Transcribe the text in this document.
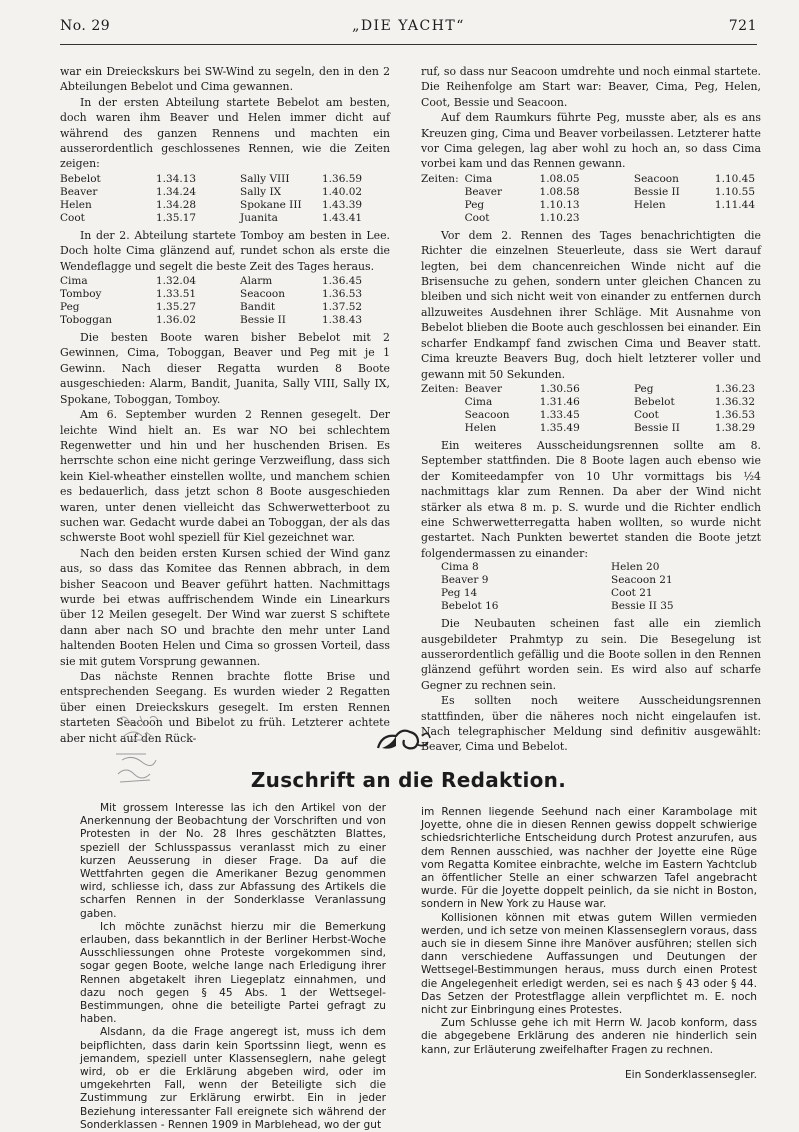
No. 29	„DIE YACHT“	721

war ein Dreieckskurs bei SW-Wind zu segeln, den in den 2 Abteilungen Bebelot und Cima gewannen.

In der ersten Abteilung startete Bebelot am besten, doch waren ihm Beaver und Helen immer dicht auf während des ganzen Rennens und machten ein ausserordentlich geschlossenes Rennen, wie die Zeiten zeigen:

Bebelot	1.34.13	Sally VIII	1.36.59
Beaver	1.34.24	Sally IX	1.40.02
Helen	1.34.28	Spokane III	1.43.39
Coot	1.35.17	Juanita	1.43.41

In der 2. Abteilung startete Tomboy am besten in Lee. Doch holte Cima glänzend auf, rundet schon als erste die Wendeflagge und segelt die beste Zeit des Tages heraus.

Cima	1.32.04	Alarm	1.36.45
Tomboy	1.33.51	Seacoon	1.36.53
Peg	1.35.27	Bandit	1.37.52
Toboggan	1.36.02	Bessie II	1.38.43

Die besten Boote waren bisher Bebelot mit 2 Gewinnen, Cima, Toboggan, Beaver und Peg mit je 1 Gewinn. Nach dieser Regatta wurden 8 Boote ausgeschieden: Alarm, Bandit, Juanita, Sally VIII, Sally IX, Spokane, Toboggan, Tomboy.

Am 6. September wurden 2 Rennen gesegelt. Der leichte Wind hielt an. Es war NO bei schlechtem Regenwetter und hin und her huschenden Brisen. Es herrschte schon eine nicht geringe Verzweiflung, dass sich kein Kiel-wheather einstellen wollte, und manchem schien es bedauerlich, dass jetzt schon 8 Boote ausgeschieden waren, unter denen vielleicht das Schwerwetterboot zu suchen war. Gedacht wurde dabei an Toboggan, der als das schwerste Boot wohl speziell für Kiel gezeichnet war.

Nach den beiden ersten Kursen schied der Wind ganz aus, so dass das Komitee das Rennen abbrach, in dem bisher Seacoon und Beaver geführt hatten. Nachmittags wurde bei etwas auffrischendem Winde ein Linearkurs über 12 Meilen gesegelt. Der Wind war zuerst S schiftete dann aber nach SO und brachte den mehr unter Land haltenden Booten Helen und Cima so grossen Vorteil, dass sie mit gutem Vorsprung gewannen.

Das nächste Rennen brachte flotte Brise und entsprechenden Seegang. Es wurden wieder 2 Regatten über einen Dreieckskurs gesegelt. Im ersten Rennen starteten Seacoon und Bibelot zu früh. Letzterer achtete aber nicht auf den Rück-

ruf, so dass nur Seacoon umdrehte und noch einmal startete. Die Reihenfolge am Start war: Beaver, Cima, Peg, Helen, Coot, Bessie und Seacoon.

Auf dem Raumkurs führte Peg, musste aber, als es ans Kreuzen ging, Cima und Beaver vorbeilassen. Letzterer hatte vor Cima gelegen, lag aber wohl zu hoch an, so dass Cima vorbei kam und das Rennen gewann.

Zeiten:	Cima	1.08.05	Seacoon	1.10.45
	Beaver	1.08.58	Bessie II	1.10.55
	Peg	1.10.13	Helen	1.11.44
	Coot	1.10.23		

Vor dem 2. Rennen des Tages benachrichtigten die Richter die einzelnen Steuerleute, dass sie Wert darauf legten, bei dem chancenreichen Winde nicht auf die Brisensuche zu gehen, sondern unter gleichen Chancen zu bleiben und sich nicht weit von einander zu entfernen durch allzuweites Ausdehnen ihrer Schläge. Mit Ausnahme von Bebelot blieben die Boote auch geschlossen bei einander. Ein scharfer Endkampf fand zwischen Cima und Beaver statt. Cima kreuzte Beavers Bug, doch hielt letzterer voller und gewann mit 50 Sekunden.

Zeiten:	Beaver	1.30.56	Peg	1.36.23
	Cima	1.31.46	Bebelot	1.36.32
	Seacoon	1.33.45	Coot	1.36.53
	Helen	1.35.49	Bessie II	1.38.29

Ein weiteres Ausscheidungsrennen sollte am 8. September stattfinden. Die 8 Boote lagen auch ebenso wie der Komiteedampfer von 10 Uhr vormittags bis ½4 nachmittags klar zum Rennen. Da aber der Wind nicht stärker als etwa 8 m. p. S. wurde und die Richter endlich eine Schwerwetterregatta haben wollten, so wurde nicht gestartet. Nach Punkten bewertet standen die Boote jetzt folgendermassen zu einander:

Cima 8	Helen 20
Beaver 9	Seacoon 21
Peg 14	Coot 21
Bebelot 16	Bessie II 35

Die Neubauten scheinen fast alle ein ziemlich ausgebildeter Prahmtyp zu sein. Die Besegelung ist ausserordentlich gefällig und die Boote sollen in den Rennen glänzend geführt worden sein. Es wird also auf scharfe Gegner zu rechnen sein.

Es sollten noch weitere Ausscheidungsrennen stattfinden, über die näheres noch nicht eingelaufen ist. Nach telegraphischer Meldung sind definitiv ausgewählt: Beaver, Cima und Bebelot.

Zuschrift an die Redaktion.

Mit grossem Interesse las ich den Artikel von der Anerkennung der Beobachtung der Vorschriften und von Protesten in der No. 28 Ihres geschätzten Blattes, speziell der Schlusspassus veranlasst mich zu einer kurzen Aeusserung in dieser Frage. Da auf die Wettfahrten gegen die Amerikaner Bezug genommen wird, schliesse ich, dass zur Abfassung des Artikels die scharfen Rennen in der Sonderklasse Veranlassung gaben.

Ich möchte zunächst hierzu mir die Bemerkung erlauben, dass bekanntlich in der Berliner Herbst-Woche Ausschliessungen ohne Proteste vorgekommen sind, sogar gegen Boote, welche lange nach Erledigung ihrer Rennen abgetakelt ihren Liegeplatz einnahmen, und dazu noch gegen § 45 Abs. 1 der Wettsegel-Bestimmungen, ohne die beteiligte Partei gefragt zu haben.

Alsdann, da die Frage angeregt ist, muss ich dem beipflichten, dass darin kein Sportssinn liegt, wenn es jemandem, speziell unter Klassenseglern, nahe gelegt wird, ob er die Erklärung abgeben wird, oder im umgekehrten Fall, wenn der Beteiligte sich die Zustimmung zur Erklärung erwirbt. Ein in jeder Beziehung interessanter Fall ereignete sich während der Sonderklassen - Rennen 1909 in Marblehead, wo der gut

im Rennen liegende Seehund nach einer Karambolage mit Joyette, ohne die in diesen Rennen gewiss doppelt schwierige schiedsrichterliche Entscheidung durch Protest anzurufen, aus dem Rennen ausschied, was nachher der Joyette eine Rüge vom Regatta Komitee einbrachte, welche im Eastern Yachtclub an öffentlicher Stelle an einer schwarzen Tafel angebracht wurde. Für die Joyette doppelt peinlich, da sie nicht in Boston, sondern in New York zu Hause war.

Kollisionen können mit etwas gutem Willen vermieden werden, und ich setze von meinen Klassenseglern voraus, dass auch sie in diesem Sinne ihre Manöver ausführen; stellen sich dann verschiedene Auffassungen und Deutungen der Wettsegel-Bestimmungen heraus, muss durch einen Protest die Angelegenheit erledigt werden, sei es nach § 43 oder § 44. Das Setzen der Protestflagge allein verpflichtet m. E. noch nicht zur Einbringung eines Protestes.

Zum Schlusse gehe ich mit Herrn W. Jacob konform, dass die abgegebene Erklärung des anderen nie hinderlich sein kann, zur Erläuterung zweifelhafter Fragen zu rechnen.

Ein Sonderklassensegler.
